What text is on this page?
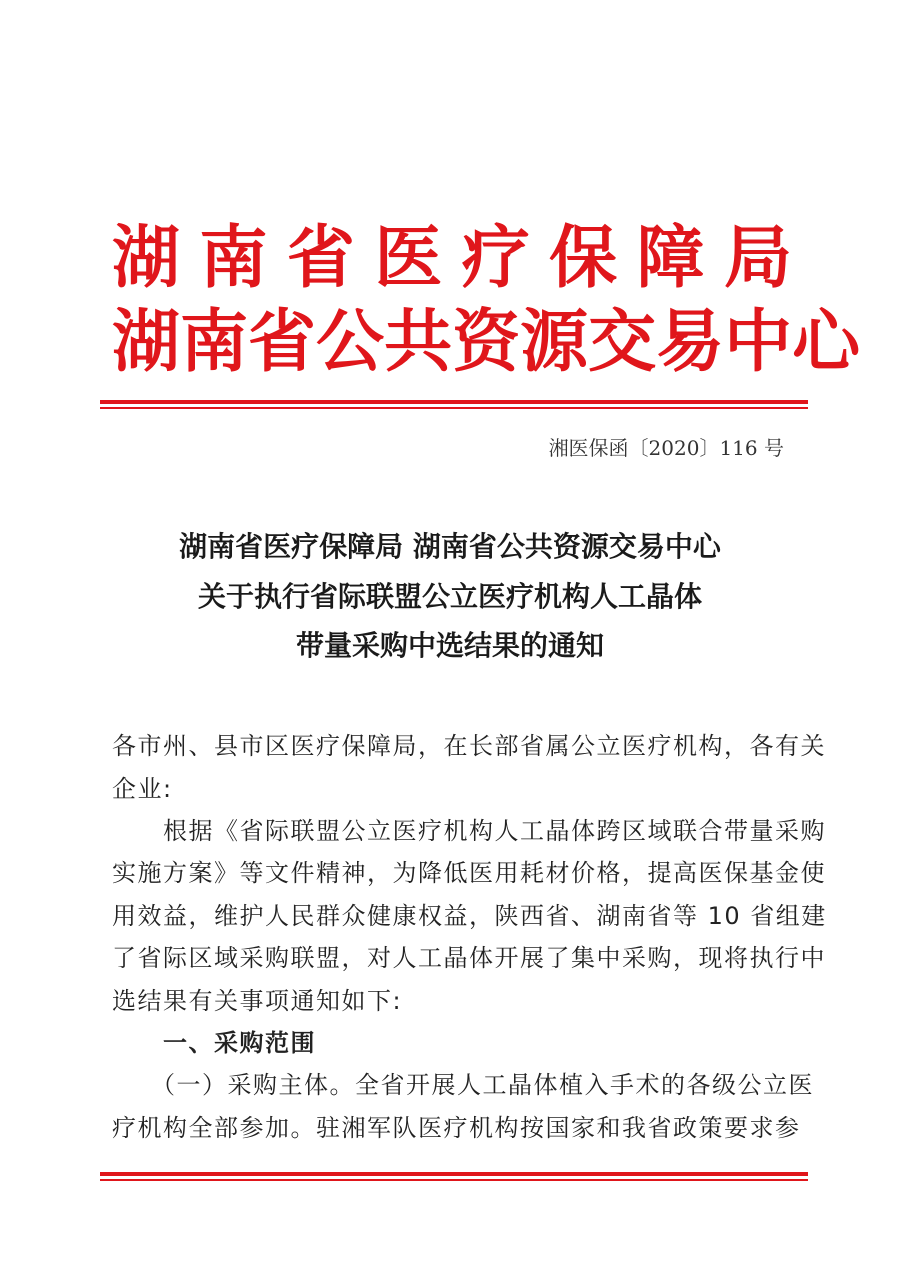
湖 南 省 医 疗 保 障 局
湖 南 省 公 共 资 源 交 易 中 心
湘医保函〔2020〕116 号
湖南省医疗保障局 湖南省公共资源交易中心
关于执行省际联盟公立医疗机构人工晶体
带量采购中选结果的通知
各市州、县市区医疗保障局，在长部省属公立医疗机构，各有关
企业:
　　根据《省际联盟公立医疗机构人工晶体跨区域联合带量采购
实施方案》等文件精神，为降低医用耗材价格，提高医保基金使
用效益，维护人民群众健康权益，陕西省、湖南省等 10 省组建
了省际区域采购联盟，对人工晶体开展了集中采购，现将执行中
选结果有关事项通知如下:
　　一、采购范围
　　（一）采购主体。全省开展人工晶体植入手术的各级公立医
疗机构全部参加。驻湘军队医疗机构按国家和我省政策要求参
